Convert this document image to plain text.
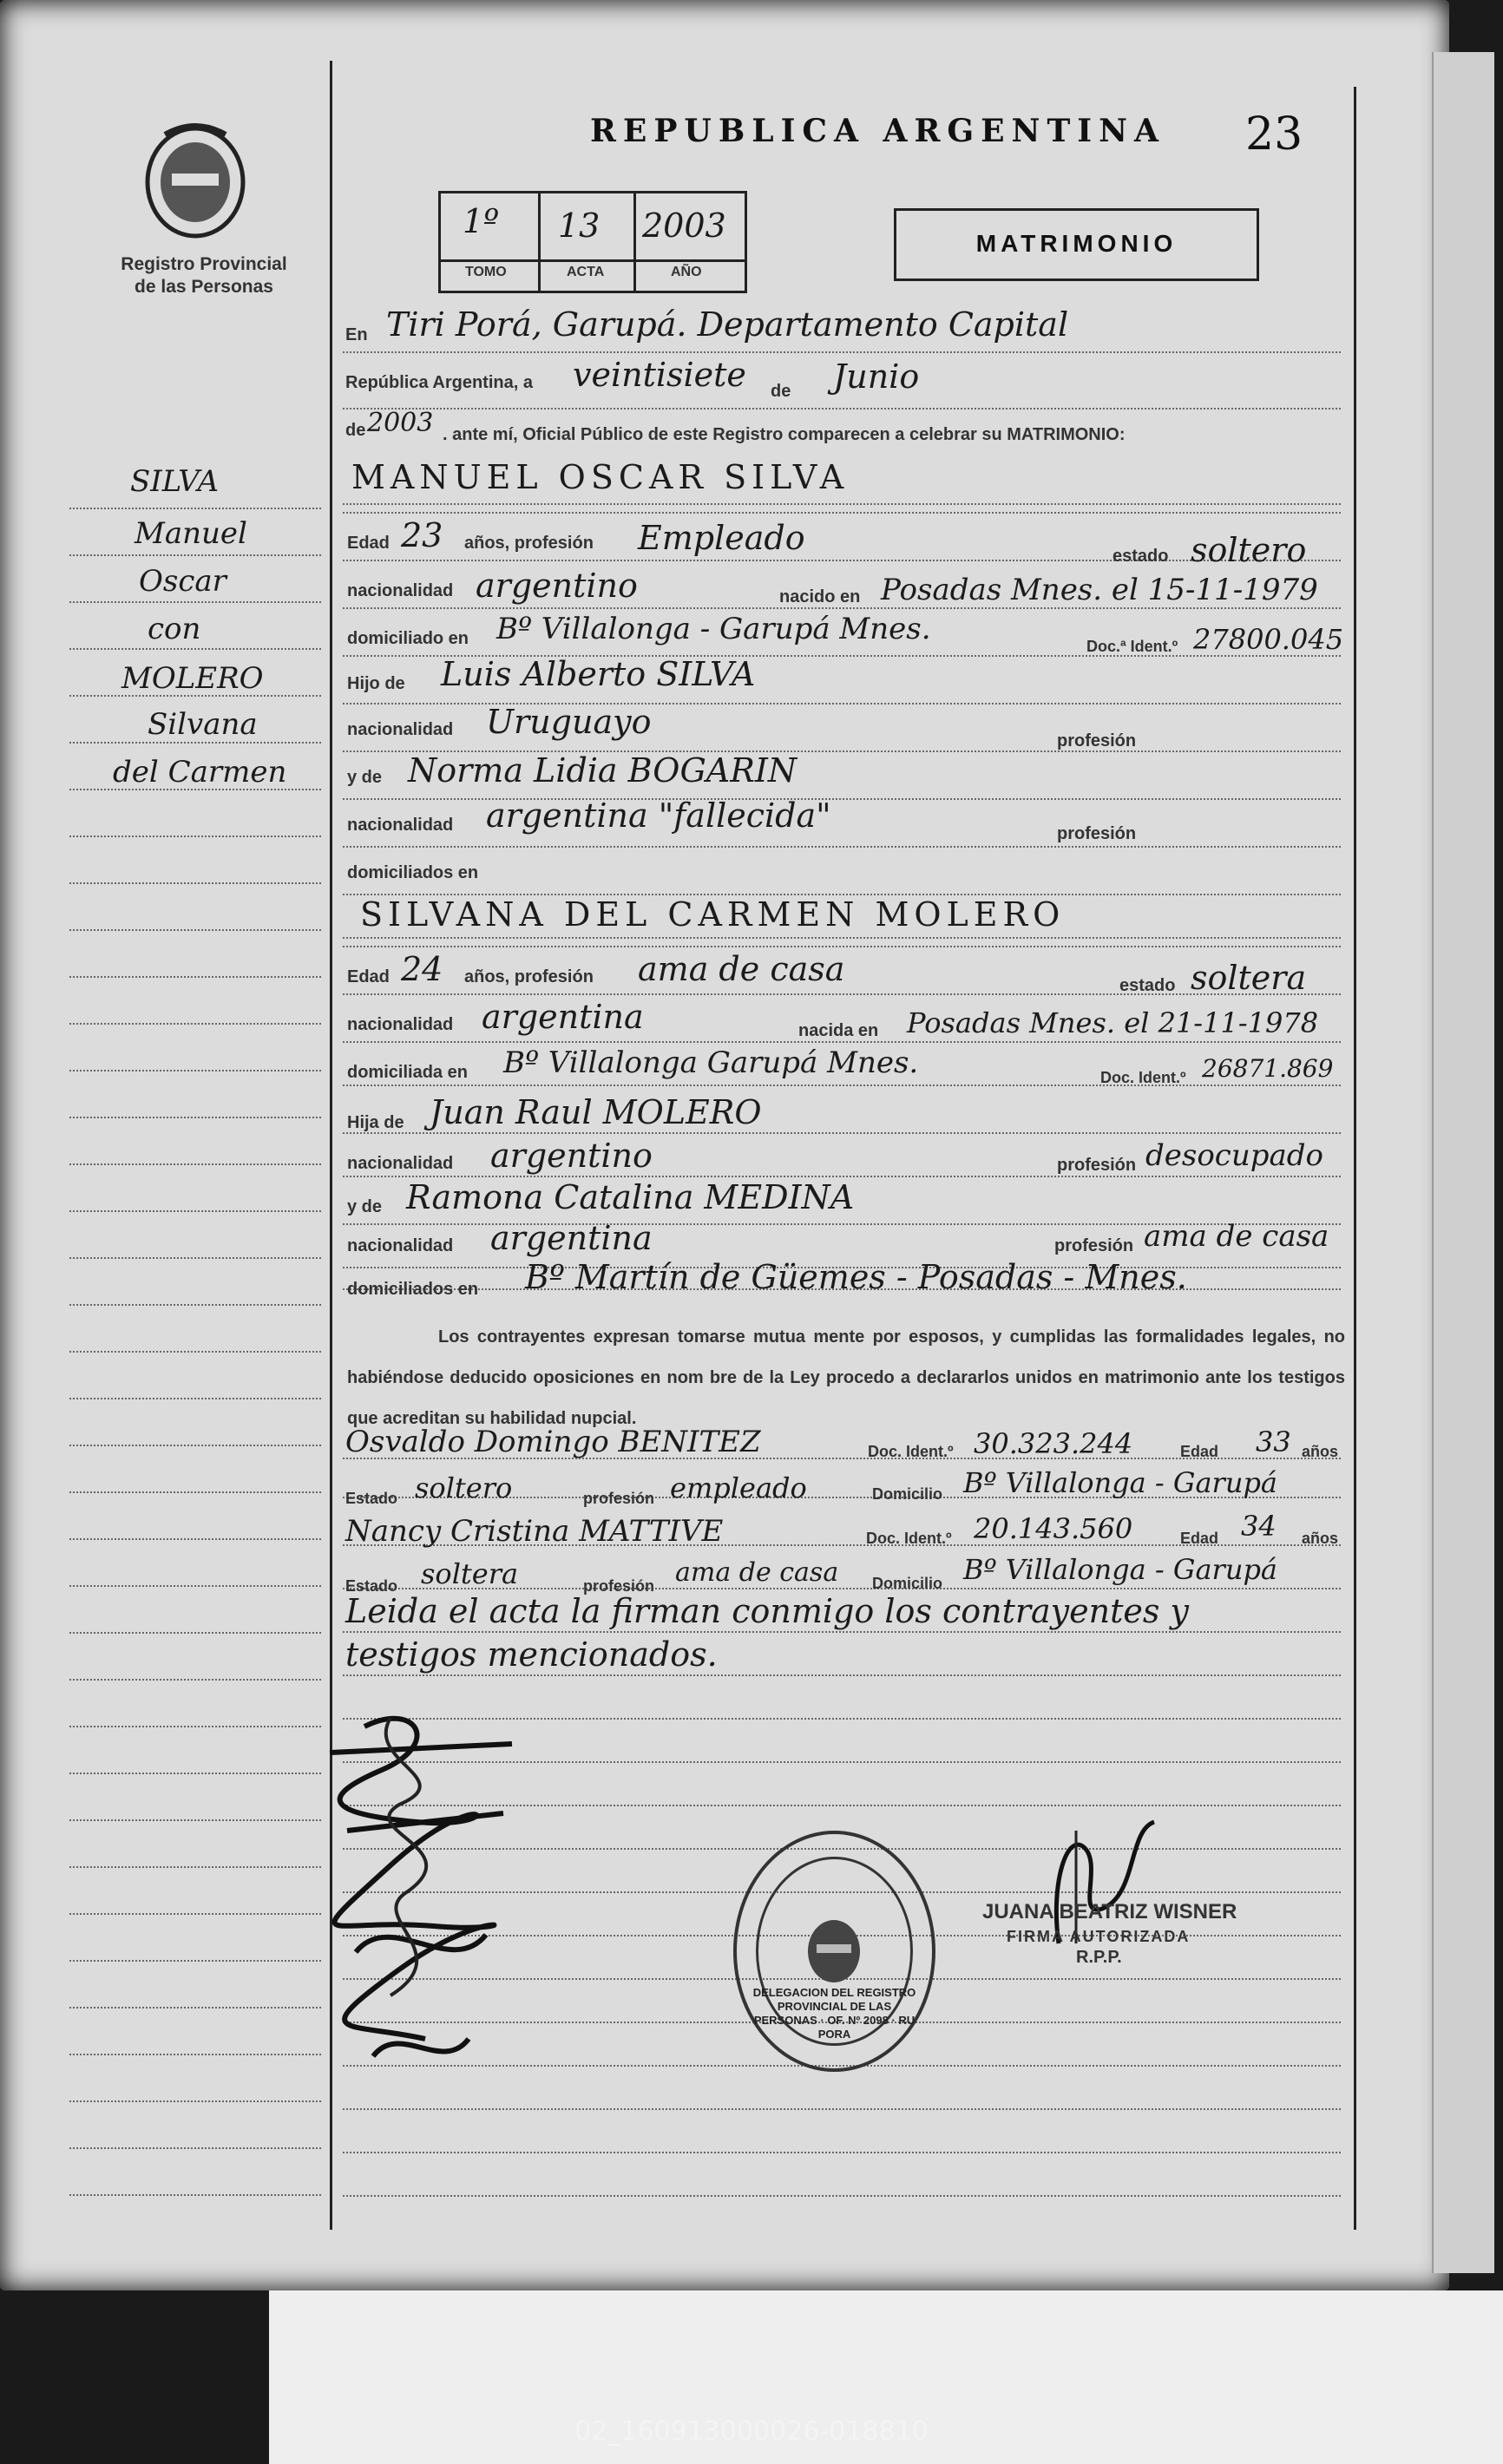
Registro Provincial
de las Personas
REPUBLICA ARGENTINA 23
1º 13 2003
TOMO	ACTA	AÑO
MATRIMONIO
SILVA
Manuel
Oscar
con
MOLERO
Silvana
del Carmen
En Tiri Porá, Garupá. Departamento Capital
República Argentina, a veintisiete de Junio
de 2003 . ante mí, Oficial Público de este Registro comparecen a celebrar su MATRIMONIO:
MANUEL OSCAR SILVA
Edad 23 años, profesión Empleado	estado soltero
nacionalidad argentino	nacido en Posadas Mnes. el 15-11-1979
domiciliado en Bº Villalonga - Garupá Mnes.	Doc.ª Ident.º 27800.045
Hijo de Luis Alberto SILVA
nacionalidad Uruguayo	profesión
y de Norma Lidia BOGARIN
nacionalidad argentina "fallecida"	profesión
domiciliados en
SILVANA DEL CARMEN MOLERO
Edad 24 años, profesión ama de casa	estado soltera
nacionalidad argentina	nacida en Posadas Mnes. el 21-11-1978
domiciliada en Bº Villalonga Garupá Mnes.	Doc. Ident.º 26871.869
Hija de Juan Raul MOLERO
nacionalidad argentino	profesión desocupado
y de Ramona Catalina MEDINA
nacionalidad argentina	profesión ama de casa
domiciliados en Bº Martín de Güemes - Posadas - Mnes.
Los contrayentes expresan tomarse mutua mente por esposos, y cumplidas las formalidades legales, no habiéndose deducido oposiciones en nom bre de la Ley procedo a declararlos unidos en matrimonio ante los testigos que acreditan su habilidad nupcial.
Osvaldo Domingo BENITEZ	Doc. Ident.º 30.323.244	Edad 33 años
Estado soltero	profesión empleado	Domicilio Bº Villalonga - Garupá
Nancy Cristina MATTIVE	Doc. Ident.º 20.143.560	Edad 34 años
Estado soltera	profesión ama de casa Domicilio Bº Villalonga - Garupá
Leida el acta la firman conmigo los contrayentes y
testigos mencionados.
DELEGACION DEL REGISTRO PROVINCIAL DE LAS PERSONAS · OF. Nº 2098 · RU PORA
JUANA BEATRIZ WISNER
FIRMA AUTORIZADA
R.P.P.
02_160913000026-018810
